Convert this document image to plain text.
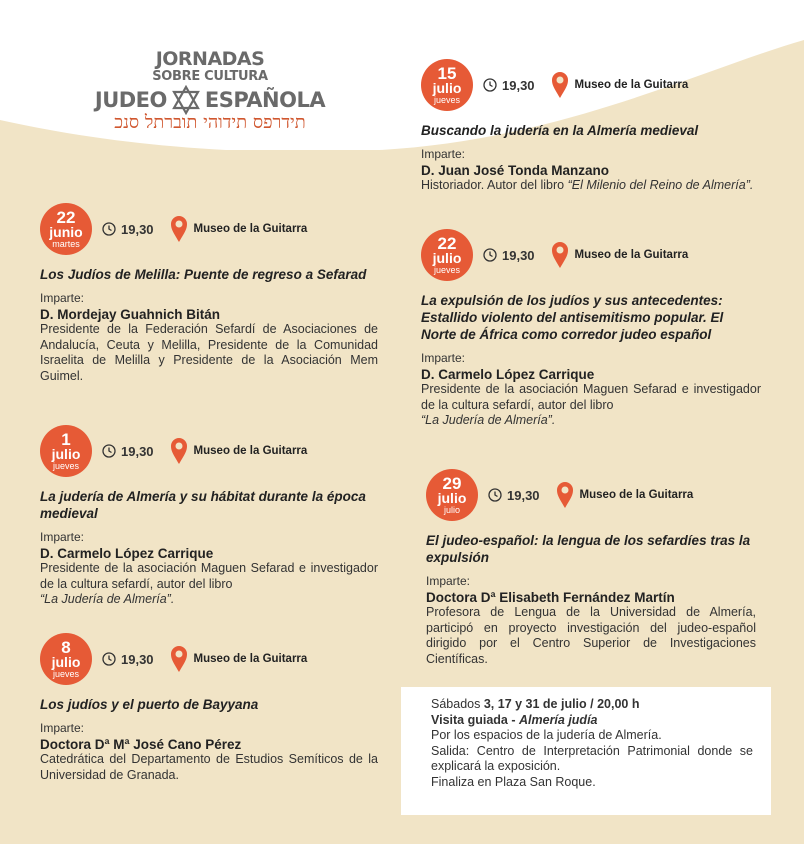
JORNADAS
SOBRE CULTURA
JUDEO ESPAÑOLA
תידרפס תידוהי תוברתל סנכ
22
junio
martes
19,30	Museo de la Guitarra
Los Judíos de Melilla: Puente de regreso a Sefarad
Imparte:
D. Mordejay Guahnich Bitán
Presidente de la Federación Sefardí de Asociaciones de Andalucía, Ceuta y Melilla, Presidente de la Comunidad Israelita de Melilla y Presidente de la Asociación Mem Guimel.
1
julio
jueves
19,30	Museo de la Guitarra
La judería de Almería y su hábitat durante la época medieval
Imparte:
D. Carmelo López Carrique
Presidente de la asociación Maguen Sefarad e investigador de la cultura sefardí, autor del libro
“La Judería de Almería”.
8
julio
jueves
19,30	Museo de la Guitarra
Los judíos y el puerto de Bayyana
Imparte:
Doctora Dª Mª José Cano Pérez
Catedrática del Departamento de Estudios Semíticos de la Universidad de Granada.
15
julio
jueves
19,30	Museo de la Guitarra
Buscando la judería en la Almería medieval
Imparte:
D. Juan José Tonda Manzano
Historiador. Autor del libro “El Milenio del Reino de Almería”.
22
julio
jueves
19,30	Museo de la Guitarra
La expulsión de los judíos y sus antecedentes: Estallido violento del antisemitismo popular. El Norte de África como corredor judeo español
Imparte:
D. Carmelo López Carrique
Presidente de la asociación Maguen Sefarad e investigador de la cultura sefardí, autor del libro
“La Judería de Almería”.
29
julio
julio
19,30	Museo de la Guitarra
El judeo-español: la lengua de los sefardíes tras la expulsión
Imparte:
Doctora Dª Elisabeth Fernández Martín
Profesora de Lengua de la Universidad de Almería, participó en proyecto investigación del judeo-español dirigido por el Centro Superior de Investigaciones Científicas.
Sábados 3, 17 y 31 de julio / 20,00 h
Visita guiada - Almería judía
Por los espacios de la judería de Almería.
Salida: Centro de Interpretación Patrimonial donde se explicará la exposición.
Finaliza en Plaza San Roque.
